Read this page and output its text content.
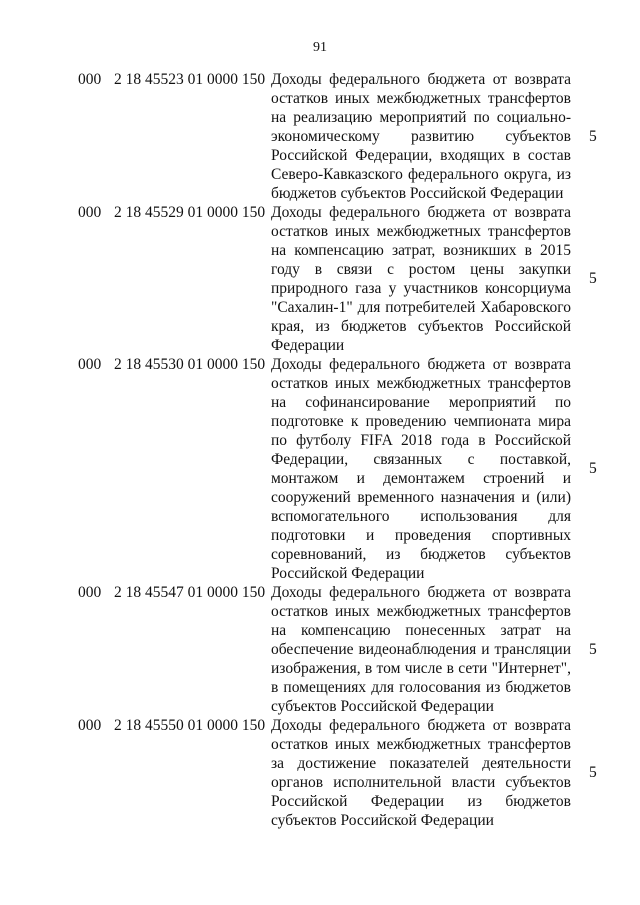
91
000 2 18 45523 01 0000 150 Доходы федерального бюджета от возврата остатков иных межбюджетных трансфертов на реализацию мероприятий по социально-экономическому развитию субъектов Российской Федерации, входящих в состав Северо-Кавказского федерального округа, из бюджетов субъектов Российской Федерации
5
000 2 18 45529 01 0000 150 Доходы федерального бюджета от возврата остатков иных межбюджетных трансфертов на компенсацию затрат, возникших в 2015 году в связи с ростом цены закупки природного газа у участников консорциума "Сахалин-1" для потребителей Хабаровского края, из бюджетов субъектов Российской Федерации
5
000 2 18 45530 01 0000 150 Доходы федерального бюджета от возврата остатков иных межбюджетных трансфертов на софинансирование мероприятий по подготовке к проведению чемпионата мира по футболу FIFA 2018 года в Российской Федерации, связанных с поставкой, монтажом и демонтажем строений и сооружений временного назначения и (или) вспомогательного использования для подготовки и проведения спортивных соревнований, из бюджетов субъектов Российской Федерации
5
000 2 18 45547 01 0000 150 Доходы федерального бюджета от возврата остатков иных межбюджетных трансфертов на компенсацию понесенных затрат на обеспечение видеонаблюдения и трансляции изображения, в том числе в сети "Интернет", в помещениях для голосования из бюджетов субъектов Российской Федерации
5
000 2 18 45550 01 0000 150 Доходы федерального бюджета от возврата остатков иных межбюджетных трансфертов за достижение показателей деятельности органов исполнительной власти субъектов Российской Федерации из бюджетов субъектов Российской Федерации
5
